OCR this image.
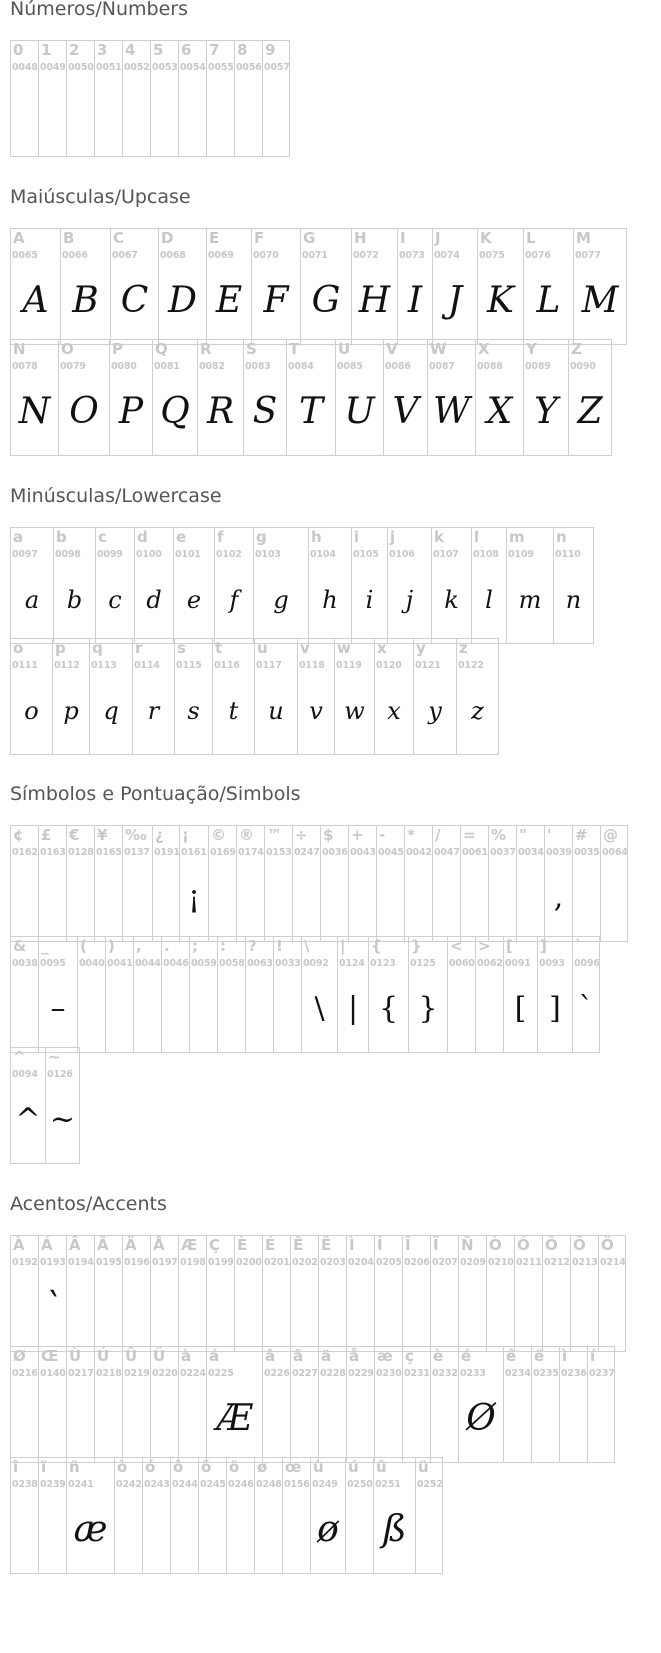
Números/Numbers
0
0048
1
0049
2
0050
3
0051
4
0052
5
0053
6
0054
7
0055
8
0056
9
0057
Maiúsculas/Upcase
A
0065
A
B
0066
B
C
0067
C
D
0068
D
E
0069
E
F
0070
F
G
0071
G
H
0072
H
I
0073
I
J
0074
J
K
0075
K
L
0076
L
M
0077
M
N
0078
N
O
0079
O
P
0080
P
Q
0081
Q
R
0082
R
S
0083
S
T
0084
T
U
0085
U
V
0086
V
W
0087
W
X
0088
X
Y
0089
Y
Z
0090
Z
Minúsculas/Lowercase
a
0097
a
b
0098
b
c
0099
c
d
0100
d
e
0101
e
f
0102
f
g
0103
g
h
0104
h
i
0105
i
j
0106
j
k
0107
k
l
0108
l
m
0109
m
n
0110
n
o
0111
o
p
0112
p
q
0113
q
r
0114
r
s
0115
s
t
0116
t
u
0117
u
v
0118
v
w
0119
w
x
0120
x
y
0121
y
z
0122
z
Símbolos e Pontuação/Simbols
¢
0162
£
0163
€
0128
¥
0165
‰
0137
¿
0191
¡
0161
¡
©
0169
®
0174
™
0153
÷
0247
$
0036
+
0043
-
0045
*
0042
/
0047
=
0061
%
0037
"
0034
'
0039
,
#
0035
@
0064
&
0038
_
0095
–
(
0040
)
0041
,
0044
.
0046
;
0059
:
0058
?
0063
!
0033
\
0092
\
|
0124
|
{
0123
{
}
0125
}
<
0060
>
0062
[
0091
[
]
0093
]
`
0096
`
^
0094
^
~
0126
~
Acentos/Accents
À
0192
Á
0193
`
Â
0194
Ã
0195
Ä
0196
Å
0197
Æ
0198
Ç
0199
È
0200
É
0201
Ê
0202
Ë
0203
Ì
0204
Í
0205
Î
0206
Ï
0207
Ñ
0209
Ò
0210
Ó
0211
Ô
0212
Õ
0213
Ö
0214
Ø
0216
Œ
0140
Ù
0217
Ú
0218
Û
0219
Ü
0220
à
0224
á
0225
Æ
â
0226
ã
0227
ä
0228
å
0229
æ
0230
ç
0231
è
0232
é
0233
Ø
ê
0234
ë
0235
ì
0236
í
0237
î
0238
ï
0239
ñ
0241
æ
ò
0242
ó
0243
ô
0244
õ
0245
ö
0246
ø
0248
œ
0156
ù
0249
ø
ú
0250
û
0251
ß
ü
0252
